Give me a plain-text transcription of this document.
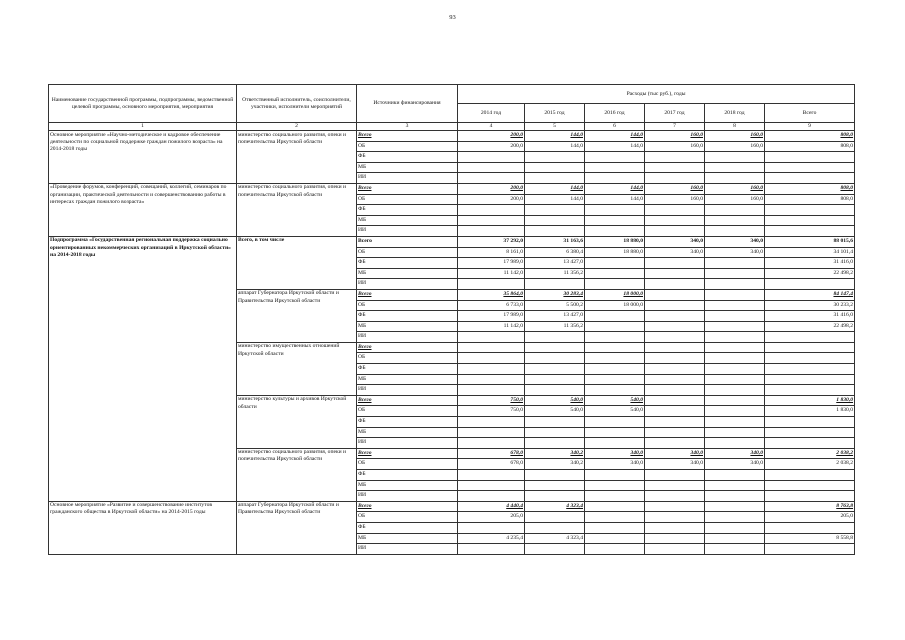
93
Наименование государственной программы, подпрограммы, ведомственной целевой программы, основного мероприятия, мероприятия	Ответственный исполнитель, соисполнители, участники, исполнители мероприятий	Источники финансирования	Расходы (тыс руб.), годы					
			2014 год	2015 год	2016 год	2017 год	2018 год	Всего
1	2	3	4	5	6	7	8	9
Основное мероприятие «Научно-методическое и кадровое обеспечение деятельности по социальной поддержке граждан пожилого возраста» на 2014-2018 годы	министерство социального развития, опеки и попечительства Иркутской области	Всего	200,0	144,0	144,0	160,0	160,0	808,0
		ОБ	200,0	144,0	144,0	160,0	160,0	808,0
		ФБ						
		МБ						
		ИИ						
«Проведение форумов, конференций, совещаний, коллегий, семинаров по организации, практической деятельности и совершенствованию работы в интересах граждан пожилого возраста»	министерство социального развития, опеки и попечительства Иркутской области	Всего	200,0	144,0	144,0	160,0	160,0	808,0
		ОБ	200,0	144,0	144,0	160,0	160,0	808,0
		ФБ						
		МБ						
		ИИ						
Подпрограмма «Государственная региональная поддержка социально ориентированных некоммерческих организаций в Иркутской области» на 2014-2018 годы	Всего, в том числе	Всего	37 292,0	31 163,6	18 880,0	340,0	340,0	88 015,6
		ОБ	8 161,0	6 380,4	18 880,0	340,0	340,0	34 101,4
		ФБ	17 989,0	13 427,0				31 416,0
		МБ	11 142,0	11 356,2				22 498,2
		ИИ						
	аппарат Губернатора Иркутской области и Правительства Иркутской области	Всего	35 864,0	30 283,4	18 000,0			84 147,4
		ОБ	6 733,0	5 500,2	18 000,0			30 233,2
		ФБ	17 989,0	13 427,0				31 416,0
		МБ	11 142,0	11 356,2				22 498,2
		ИИ						
	министерство имущественных отношений Иркутской области	Всего						
		ОБ						
		ФБ						
		МБ						
		ИИ						
	министерство культуры и архивов Иркутской области	Всего	750,0	540,0	540,0			1 830,0
		ОБ	750,0	540,0	540,0			1 830,0
		ФБ						
		МБ						
		ИИ						
	министерство социального развития, опеки и попечительства Иркутской области	Всего	678,0	340,2	340,0	340,0	340,0	2 038,2
		ОБ	678,0	340,2	340,0	340,0	340,0	2 038,2
		ФБ						
		МБ						
		ИИ						
Основное мероприятие «Развитие и совершенствование институтов гражданского общества в Иркутской области» на 2014-2015 годы	аппарат Губернатора Иркутской области и Правительства Иркутской области	Всего	4 440,4	4 323,4				8 763,8
		ОБ	205,0					205,0
		ФБ						
		МБ	4 235,4	4 323,4				8 558,8
		ИИ						
